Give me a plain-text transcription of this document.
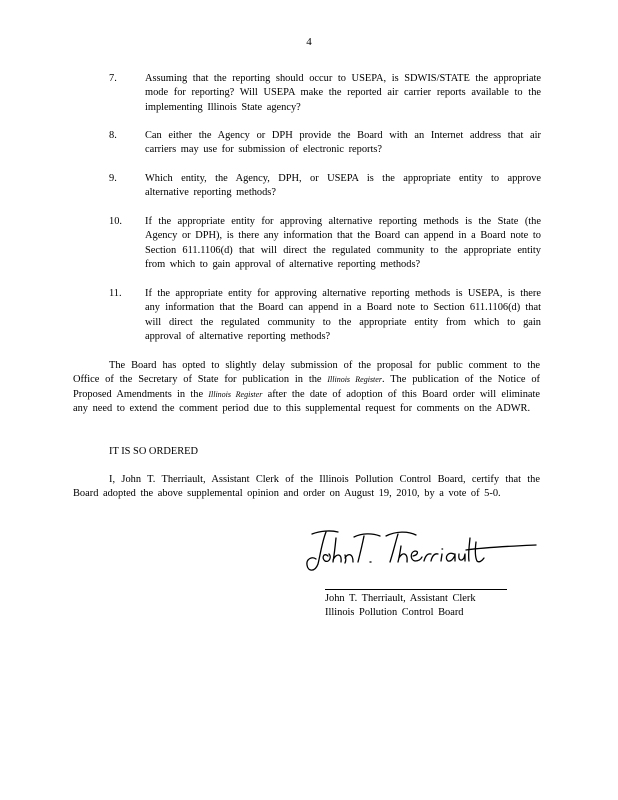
4
7.	Assuming that the reporting should occur to USEPA, is SDWIS/STATE the appropriate mode for reporting? Will USEPA make the reported air carrier reports available to the implementing Illinois State agency?
8.	Can either the Agency or DPH provide the Board with an Internet address that air carriers may use for submission of electronic reports?
9.	Which entity, the Agency, DPH, or USEPA is the appropriate entity to approve alternative reporting methods?
10. If the appropriate entity for approving alternative reporting methods is the State (the Agency or DPH), is there any information that the Board can append in a Board note to Section 611.1106(d) that will direct the regulated community to the appropriate entity from which to gain approval of alternative reporting methods?
11. If the appropriate entity for approving alternative reporting methods is USEPA, is there any information that the Board can append in a Board note to Section 611.1106(d) that will direct the regulated community to the appropriate entity from which to gain approval of alternative reporting methods?
The Board has opted to slightly delay submission of the proposal for public comment to the Office of the Secretary of State for publication in the Illinois Register. The publication of the Notice of Proposed Amendments in the Illinois Register after the date of adoption of this Board order will eliminate any need to extend the comment period due to this supplemental request for comments on the ADWR.
IT IS SO ORDERED
I, John T. Therriault, Assistant Clerk of the Illinois Pollution Control Board, certify that the Board adopted the above supplemental opinion and order on August 19, 2010, by a vote of 5-0.
John T. Therriault, Assistant Clerk
Illinois Pollution Control Board
